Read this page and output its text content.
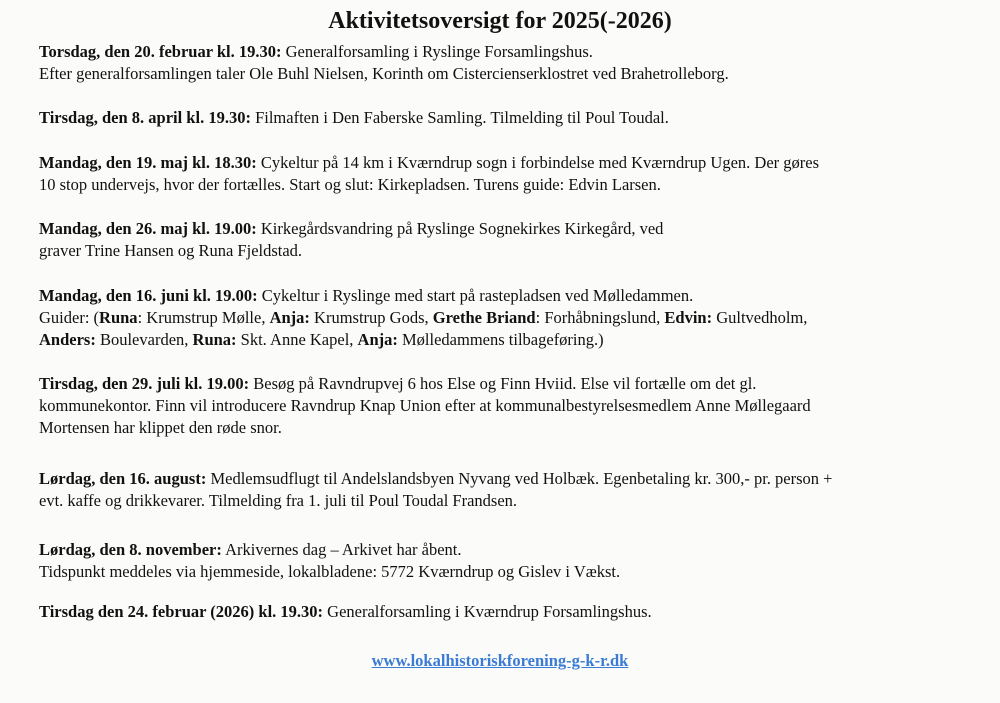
Aktivitetsoversigt for 2025(-2026)
Torsdag, den 20. februar kl. 19.30: Generalforsamling i Ryslinge Forsamlingshus.
Efter generalforsamlingen taler Ole Buhl Nielsen, Korinth om Cistercienserklostret ved Brahetrolleborg.
Tirsdag, den 8. april kl. 19.30: Filmaften i Den Faberske Samling. Tilmelding til Poul Toudal.
Mandag, den 19. maj kl. 18.30: Cykeltur på 14 km i Kværndrup sogn i forbindelse med Kværndrup Ugen. Der gøres
10 stop undervejs, hvor der fortælles. Start og slut: Kirkepladsen. Turens guide: Edvin Larsen.
Mandag, den 26. maj kl. 19.00: Kirkegårdsvandring på Ryslinge Sognekirkes Kirkegård, ved
graver Trine Hansen og Runa Fjeldstad.
Mandag, den 16. juni kl. 19.00: Cykeltur i Ryslinge med start på rastepladsen ved Mølledammen.
Guider: (Runa: Krumstrup Mølle, Anja: Krumstrup Gods, Grethe Briand: Forhåbningslund, Edvin: Gultvedholm,
Anders: Boulevarden, Runa: Skt. Anne Kapel, Anja: Mølledammens tilbageføring.)
Tirsdag, den 29. juli kl. 19.00: Besøg på Ravndrupvej 6 hos Else og Finn Hviid. Else vil fortælle om det gl.
kommunekontor. Finn vil introducere Ravndrup Knap Union efter at kommunalbestyrelsesmedlem Anne Møllegaard
Mortensen har klippet den røde snor.
Lørdag, den 16. august: Medlemsudflugt til Andelslandsbyen Nyvang ved Holbæk. Egenbetaling kr. 300,- pr. person +
evt. kaffe og drikkevarer. Tilmelding fra 1. juli til Poul Toudal Frandsen.
Lørdag, den 8. november: Arkivernes dag – Arkivet har åbent.
Tidspunkt meddeles via hjemmeside, lokalbladene: 5772 Kværndrup og Gislev i Vækst.
Tirsdag den 24. februar (2026) kl. 19.30: Generalforsamling i Kværndrup Forsamlingshus.
www.lokalhistoriskforening-g-k-r.dk
